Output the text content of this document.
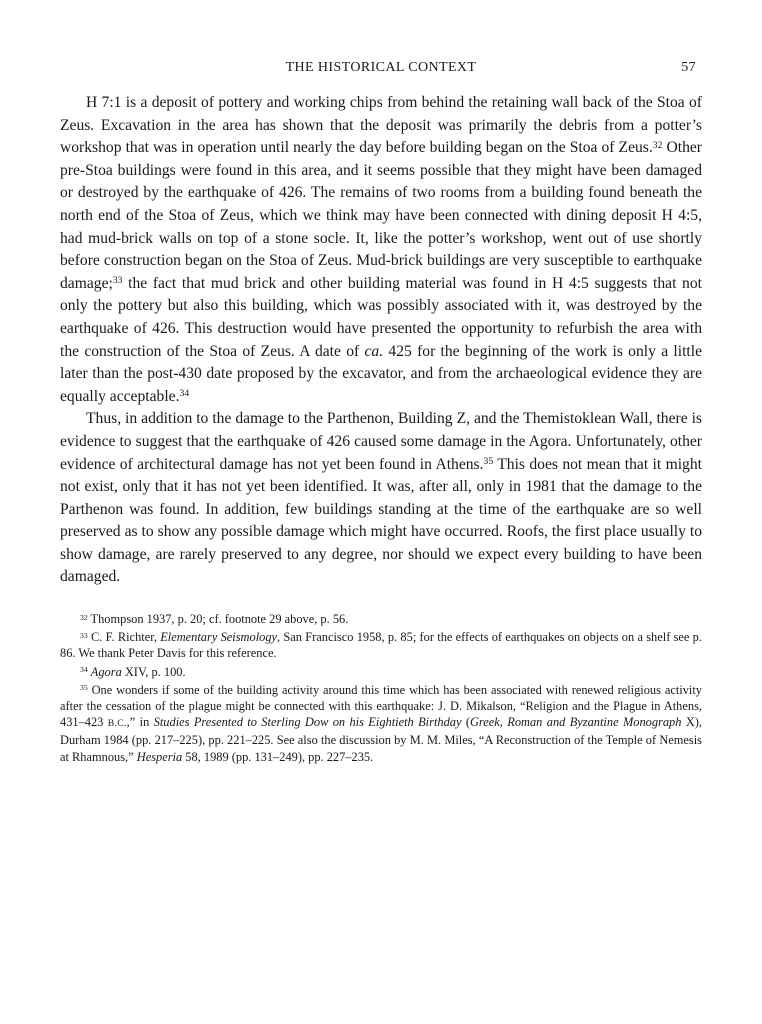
THE HISTORICAL CONTEXT	57

H 7:1 is a deposit of pottery and working chips from behind the retaining wall back of the Stoa of Zeus. Excavation in the area has shown that the deposit was primarily the debris from a potter’s workshop that was in operation until nearly the day before building began on the Stoa of Zeus.$^{32}$ Other pre-Stoa buildings were found in this area, and it seems possible that they might have been damaged or destroyed by the earthquake of 426. The remains of two rooms from a building found beneath the north end of the Stoa of Zeus, which we think may have been connected with dining deposit H 4:5, had mud-brick walls on top of a stone socle. It, like the potter’s workshop, went out of use shortly before construction began on the Stoa of Zeus. Mud-brick buildings are very susceptible to earthquake damage;$^{33}$ the fact that mud brick and other building material was found in H 4:5 suggests that not only the pottery but also this building, which was possibly associated with it, was destroyed by the earthquake of 426. This destruction would have presented the opportunity to refurbish the area with the construction of the Stoa of Zeus. A date of ca. 425 for the beginning of the work is only a little later than the post-430 date proposed by the excavator, and from the archaeological evidence they are equally acceptable.$^{34}$

Thus, in addition to the damage to the Parthenon, Building Z, and the Themistoklean Wall, there is evidence to suggest that the earthquake of 426 caused some damage in the Agora. Unfortunately, other evidence of architectural damage has not yet been found in Athens.$^{35}$ This does not mean that it might not exist, only that it has not yet been identified. It was, after all, only in 1981 that the damage to the Parthenon was found. In addition, few buildings standing at the time of the earthquake are so well preserved as to show any possible damage which might have occurred. Roofs, the first place usually to show damage, are rarely preserved to any degree, nor should we expect every building to have been damaged.

$^{32}$ Thompson 1937, p. 20; cf. footnote 29 above, p. 56.

$^{33}$ C. F. Richter, Elementary Seismology, San Francisco 1958, p. 85; for the effects of earthquakes on objects on a shelf see p. 86. We thank Peter Davis for this reference.

$^{34}$ Agora XIV, p. 100.

$^{35}$ One wonders if some of the building activity around this time which has been associated with renewed religious activity after the cessation of the plague might be connected with this earthquake: J. D. Mikalson, “Religion and the Plague in Athens, 431–423 B.C.,” in Studies Presented to Sterling Dow on his Eightieth Birthday (Greek, Roman and Byzantine Monograph X), Durham 1984 (pp. 217–225), pp. 221–225. See also the discussion by M. M. Miles, “A Reconstruction of the Temple of Nemesis at Rhamnous,” Hesperia 58, 1989 (pp. 131–249), pp. 227–235.
